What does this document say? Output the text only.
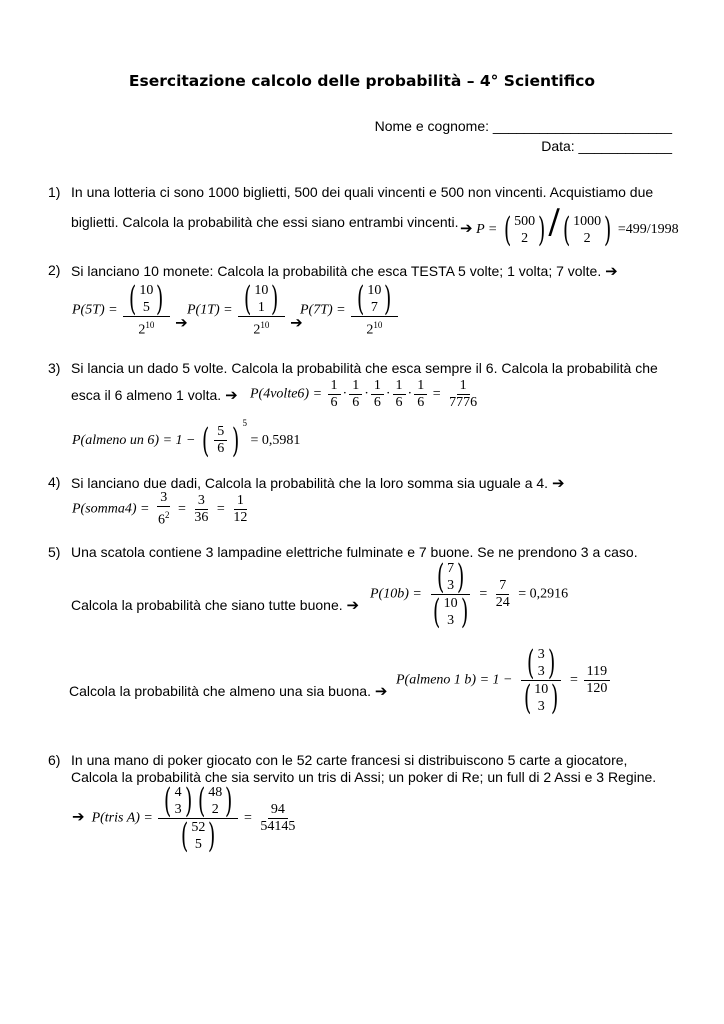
Esercitazione calcolo delle probabilità – 4° Scientifico
Nome e cognome: _______________________
Data: ____________
1) In una lotteria ci sono 1000 biglietti, 500 dei quali vincenti e 500 non vincenti. Acquistiamo due
biglietti. Calcola la probabilità che essi siano entrambi vincenti. ➔ P = ( 500
2 ) / ( 1000
2 ) =499/1998
2) Si lanciano 10 monete: Calcola la probabilità che esca TESTA 5 volte; 1 volta; 7 volte. ➔
P(5T) = ( 10
5 )
$2^{10}$ ➔
P(1T) = ( 10
1 )
$2^{10}$ ➔
P(7T) = ( 10
7 )
$2^{10}$
3) Si lancia un dado 5 volte. Calcola la probabilità che esca sempre il 6. Calcola la probabilità che
esca il 6 almeno 1 volta. ➔ P(4volte6) = $\frac{1}{6} \cdot \frac{1}{6} \cdot \frac{1}{6} \cdot \frac{1}{6} \cdot \frac{1}{6} = \frac{1}{7776}$
P(almeno un 6) = 1 − ( $\frac{5}{6}$ ) $^5$ = 0,5981
4) Si lanciano due dadi, Calcola la probabilità che la loro somma sia uguale a 4. ➔
P(somma4) = $\frac{3}{6^2} = \frac{3}{36} = \frac{1}{12}$
5) Una scatola contiene 3 lampadine elettriche fulminate e 7 buone. Se ne prendono 3 a caso.
Calcola la probabilità che siano tutte buone. ➔
P(10b) = ( 7
3 )
( 10
3 ) = $\frac{7}{24} = 0,2916$
Calcola la probabilità che almeno una sia buona. ➔
P(almeno 1 b) = 1 − ( 3
3 )
( 10
3 ) = $\frac{119}{120}$
6) In una mano di poker giocato con le 52 carte francesi si distribuiscono 5 carte a giocatore,
Calcola la probabilità che sia servito un tris di Assi; un poker di Re; un full di 2 Assi e 3 Regine.
➔ P(tris A) = ( 4
3 ) ( 48
2 )
( 52
5 ) = $\frac{94}{54145}$
